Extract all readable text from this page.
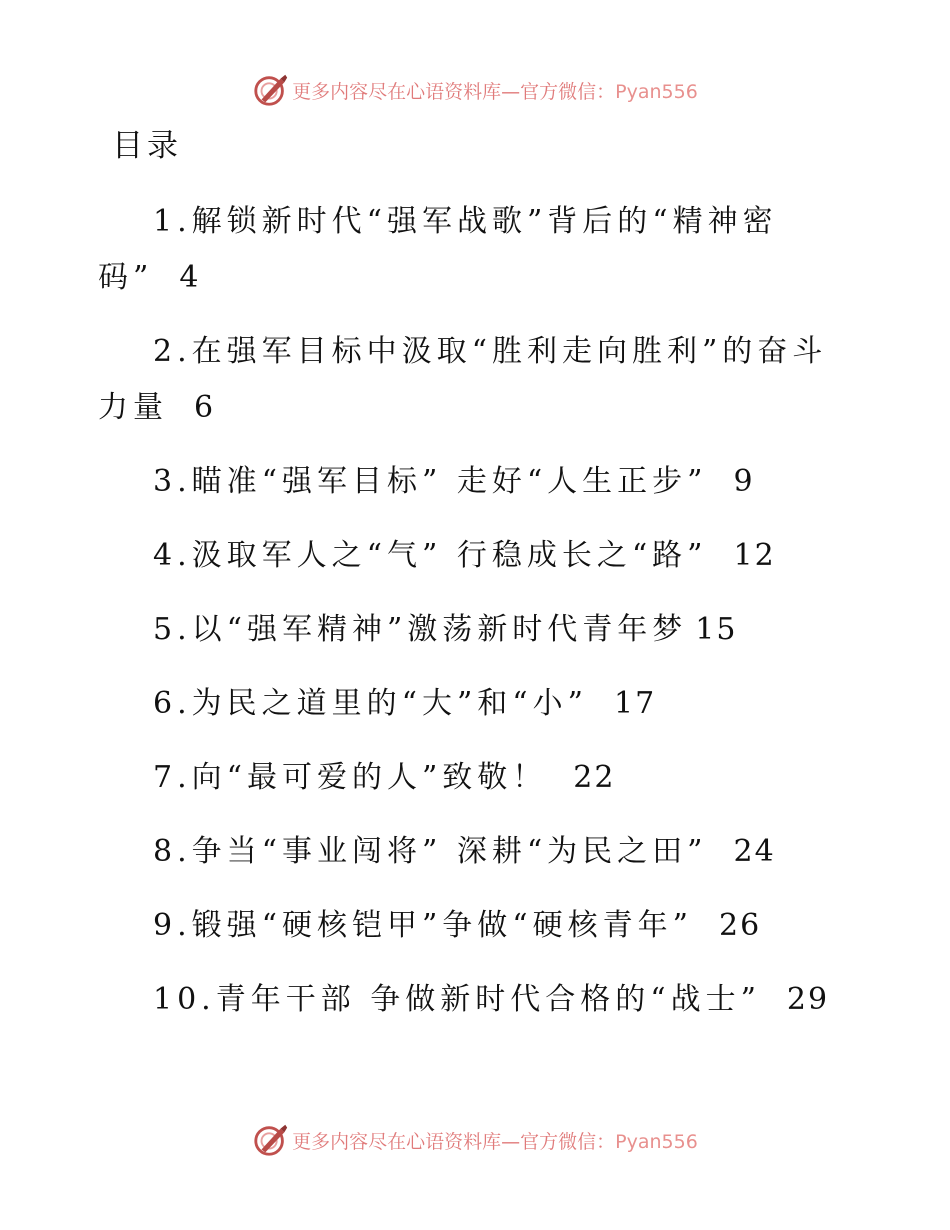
更多内容尽在心语资料库—官方微信：Pyan556
目录
1.解锁新时代“强军战歌”背后的“精神密码” 4
2.在强军目标中汲取“胜利走向胜利”的奋斗力量 6
3.瞄准“强军目标” 走好“人生正步” 9
4.汲取军人之“气” 行稳成长之“路” 12
5.以“强军精神”激荡新时代青年梦 15
6.为民之道里的“大”和“小” 17
7.向“最可爱的人”致敬！ 22
8.争当“事业闯将” 深耕“为民之田” 24
9.锻强“硬核铠甲”争做“硬核青年” 26
10.青年干部 争做新时代合格的“战士” 29
更多内容尽在心语资料库—官方微信：Pyan556
